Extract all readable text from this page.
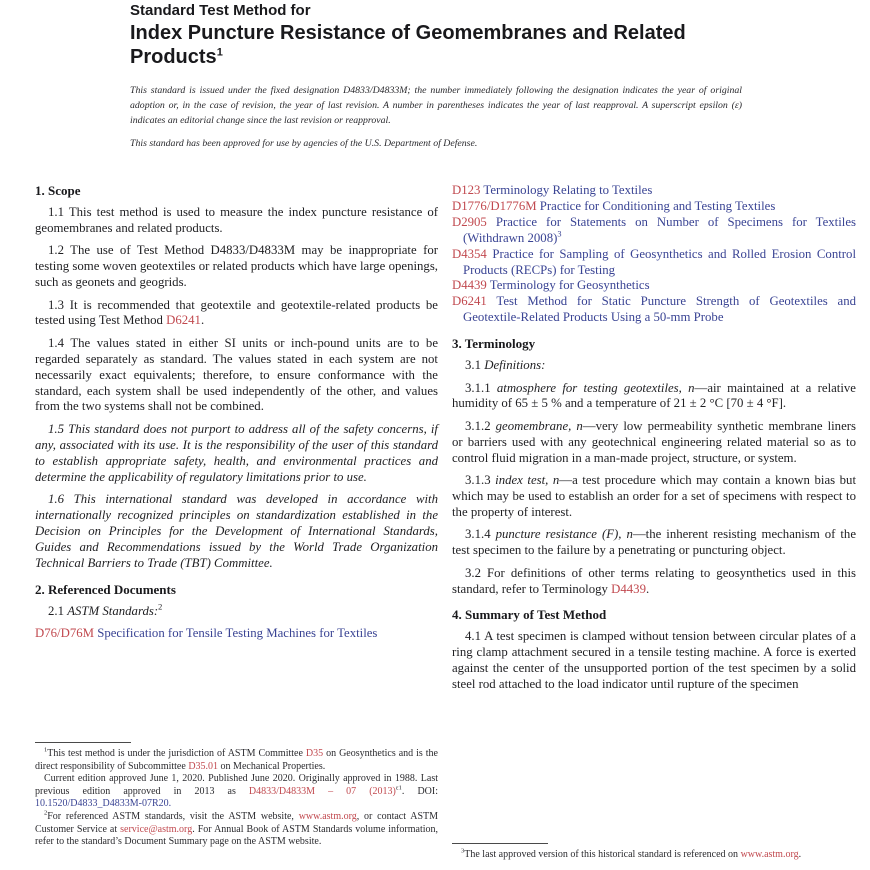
Standard Test Method for
Index Puncture Resistance of Geomembranes and Related Products$^1$
This standard is issued under the fixed designation D4833/D4833M; the number immediately following the designation indicates the year of original adoption or, in the case of revision, the year of last revision. A number in parentheses indicates the year of last reapproval. A superscript epsilon (ε) indicates an editorial change since the last revision or reapproval.
This standard has been approved for use by agencies of the U.S. Department of Defense.
1. Scope

1.1 This test method is used to measure the index puncture resistance of geomembranes and related products.

1.2 The use of Test Method D4833/D4833M may be inappropriate for testing some woven geotextiles or related products which have large openings, such as geonets and geogrids.

1.3 It is recommended that geotextile and geotextile-related products be tested using Test Method D6241.

1.4 The values stated in either SI units or inch-pound units are to be regarded separately as standard. The values stated in each system are not necessarily exact equivalents; therefore, to ensure conformance with the standard, each system shall be used independently of the other, and values from the two systems shall not be combined.

1.5 This standard does not purport to address all of the safety concerns, if any, associated with its use. It is the responsibility of the user of this standard to establish appropriate safety, health, and environmental practices and determine the applicability of regulatory limitations prior to use.

1.6 This international standard was developed in accordance with internationally recognized principles on standardization established in the Decision on Principles for the Development of International Standards, Guides and Recommendations issued by the World Trade Organization Technical Barriers to Trade (TBT) Committee.

2. Referenced Documents

2.1 ASTM Standards:$^2$

D76/D76M Specification for Tensile Testing Machines for Textiles

$^1$This test method is under the jurisdiction of ASTM Committee D35 on Geosynthetics and is the direct responsibility of Subcommittee D35.01 on Mechanical Properties.

Current edition approved June 1, 2020. Published June 2020. Originally approved in 1988. Last previous edition approved in 2013 as D4833/D4833M – 07 $(2013)^{\varepsilon 1}$. DOI: 10.1520/D4833_D4833M-07R20.

$^2$For referenced ASTM standards, visit the ASTM website, www.astm.org, or contact ASTM Customer Service at service@astm.org. For Annual Book of ASTM Standards volume information, refer to the standard’s Document Summary page on the ASTM website.

D123 Terminology Relating to Textiles
D1776/D1776M Practice for Conditioning and Testing Textiles
D2905 Practice for Statements on Number of Specimens for Textiles (Withdrawn 2008)$^3$
D4354 Practice for Sampling of Geosynthetics and Rolled Erosion Control Products (RECPs) for Testing
D4439 Terminology for Geosynthetics
D6241 Test Method for Static Puncture Strength of Geotextiles and Geotextile-Related Products Using a 50-mm Probe
3. Terminology

3.1 Definitions:

3.1.1 atmosphere for testing geotextiles, n—air maintained at a relative humidity of 65 ± 5 % and a temperature of 21 ± 2 °C [70 ± 4 °F].

3.1.2 geomembrane, n—very low permeability synthetic membrane liners or barriers used with any geotechnical engineering related material so as to control fluid migration in a man-made project, structure, or system.

3.1.3 index test, n—a test procedure which may contain a known bias but which may be used to establish an order for a set of specimens with respect to the property of interest.

3.1.4 puncture resistance (F), n—the inherent resisting mechanism of the test specimen to the failure by a penetrating or puncturing object.

3.2 For definitions of other terms relating to geosynthetics used in this standard, refer to Terminology D4439.

4. Summary of Test Method

4.1 A test specimen is clamped without tension between circular plates of a ring clamp attachment secured in a tensile testing machine. A force is exerted against the center of the unsupported portion of the test specimen by a solid steel rod attached to the load indicator until rupture of the specimen

$^3$The last approved version of this historical standard is referenced on www.astm.org.
